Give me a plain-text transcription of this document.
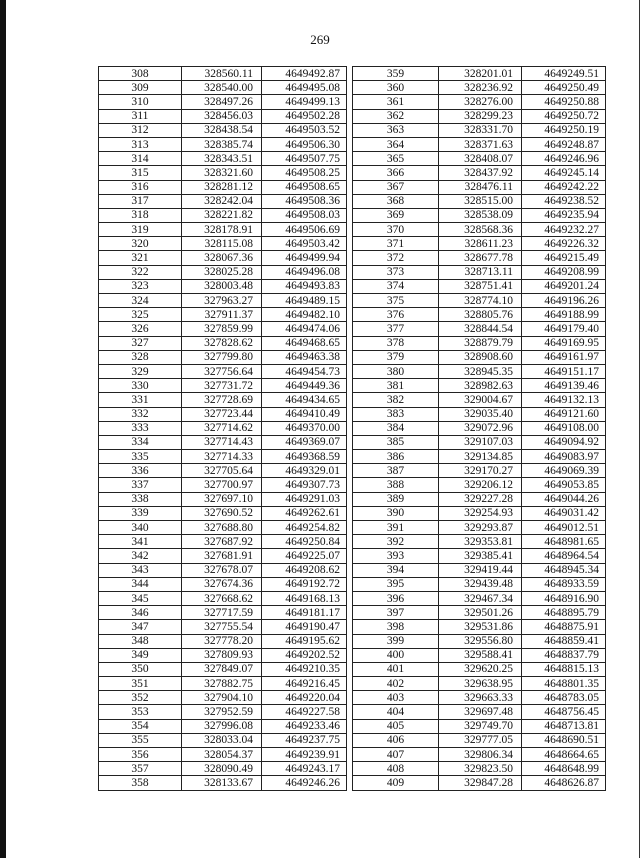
269
308	328560.11	4649492.87
309	328540.00	4649495.08
310	328497.26	4649499.13
311	328456.03	4649502.28
312	328438.54	4649503.52
313	328385.74	4649506.30
314	328343.51	4649507.75
315	328321.60	4649508.25
316	328281.12	4649508.65
317	328242.04	4649508.36
318	328221.82	4649508.03
319	328178.91	4649506.69
320	328115.08	4649503.42
321	328067.36	4649499.94
322	328025.28	4649496.08
323	328003.48	4649493.83
324	327963.27	4649489.15
325	327911.37	4649482.10
326	327859.99	4649474.06
327	327828.62	4649468.65
328	327799.80	4649463.38
329	327756.64	4649454.73
330	327731.72	4649449.36
331	327728.69	4649434.65
332	327723.44	4649410.49
333	327714.62	4649370.00
334	327714.43	4649369.07
335	327714.33	4649368.59
336	327705.64	4649329.01
337	327700.97	4649307.73
338	327697.10	4649291.03
339	327690.52	4649262.61
340	327688.80	4649254.82
341	327687.92	4649250.84
342	327681.91	4649225.07
343	327678.07	4649208.62
344	327674.36	4649192.72
345	327668.62	4649168.13
346	327717.59	4649181.17
347	327755.54	4649190.47
348	327778.20	4649195.62
349	327809.93	4649202.52
350	327849.07	4649210.35
351	327882.75	4649216.45
352	327904.10	4649220.04
353	327952.59	4649227.58
354	327996.08	4649233.46
355	328033.04	4649237.75
356	328054.37	4649239.91
357	328090.49	4649243.17
358	328133.67	4649246.26
359	328201.01	4649249.51
360	328236.92	4649250.49
361	328276.00	4649250.88
362	328299.23	4649250.72
363	328331.70	4649250.19
364	328371.63	4649248.87
365	328408.07	4649246.96
366	328437.92	4649245.14
367	328476.11	4649242.22
368	328515.00	4649238.52
369	328538.09	4649235.94
370	328568.36	4649232.27
371	328611.23	4649226.32
372	328677.78	4649215.49
373	328713.11	4649208.99
374	328751.41	4649201.24
375	328774.10	4649196.26
376	328805.76	4649188.99
377	328844.54	4649179.40
378	328879.79	4649169.95
379	328908.60	4649161.97
380	328945.35	4649151.17
381	328982.63	4649139.46
382	329004.67	4649132.13
383	329035.40	4649121.60
384	329072.96	4649108.00
385	329107.03	4649094.92
386	329134.85	4649083.97
387	329170.27	4649069.39
388	329206.12	4649053.85
389	329227.28	4649044.26
390	329254.93	4649031.42
391	329293.87	4649012.51
392	329353.81	4648981.65
393	329385.41	4648964.54
394	329419.44	4648945.34
395	329439.48	4648933.59
396	329467.34	4648916.90
397	329501.26	4648895.79
398	329531.86	4648875.91
399	329556.80	4648859.41
400	329588.41	4648837.79
401	329620.25	4648815.13
402	329638.95	4648801.35
403	329663.33	4648783.05
404	329697.48	4648756.45
405	329749.70	4648713.81
406	329777.05	4648690.51
407	329806.34	4648664.65
408	329823.50	4648648.99
409	329847.28	4648626.87
